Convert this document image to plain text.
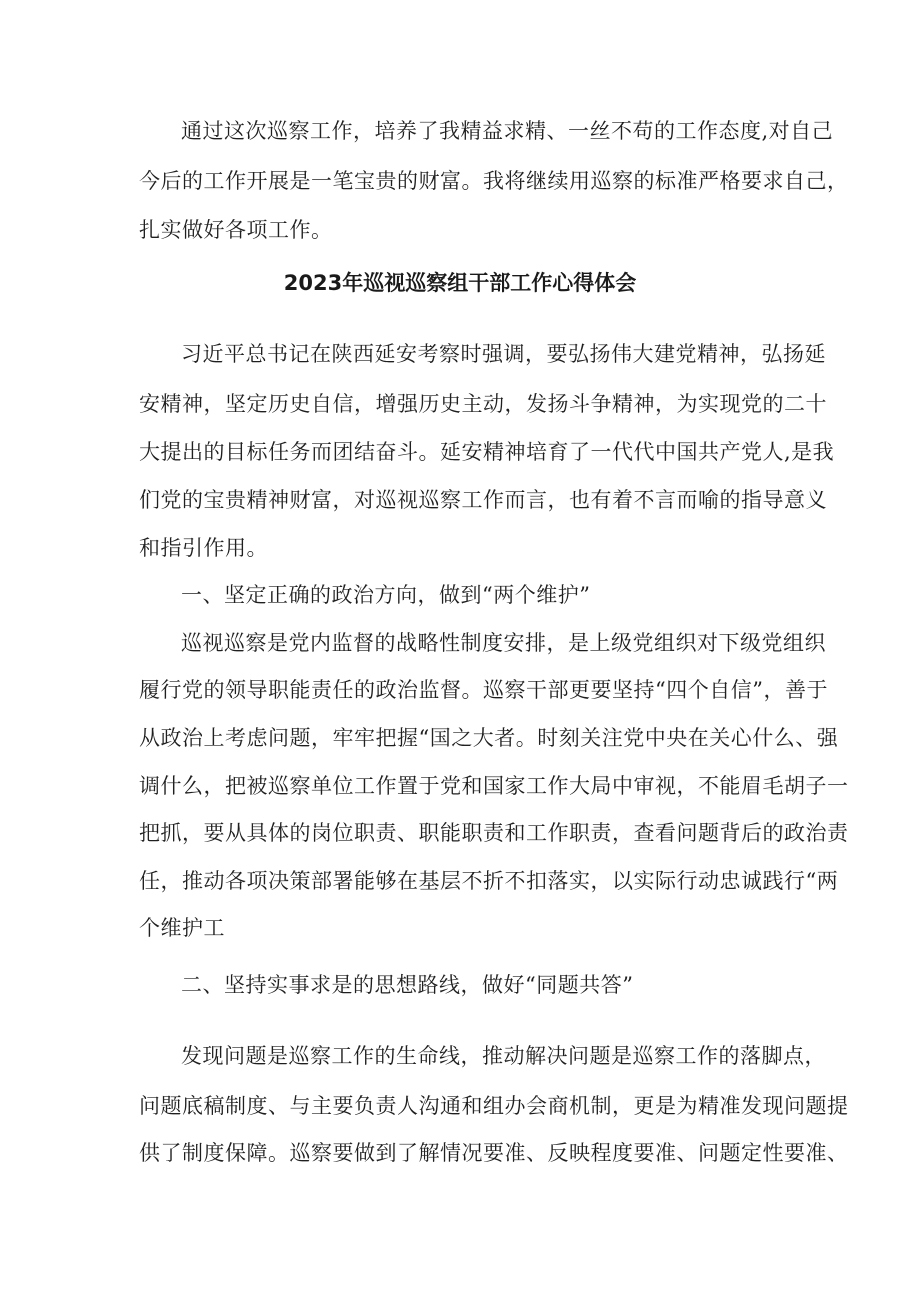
通过这次巡察工作，培养了我精益求精、一丝不苟的工作态度,对自己
今后的工作开展是一笔宝贵的财富。我将继续用巡察的标准严格要求自己，
扎实做好各项工作。
2023年巡视巡察组干部工作心得体会
习近平总书记在陕西延安考察时强调，要弘扬伟大建党精神，弘扬延
安精神，坚定历史自信，增强历史主动，发扬斗争精神，为实现党的二十
大提出的目标任务而团结奋斗。延安精神培育了一代代中国共产党人,是我
们党的宝贵精神财富，对巡视巡察工作而言，也有着不言而喻的指导意义
和指引作用。
一、坚定正确的政治方向，做到“两个维护”
巡视巡察是党内监督的战略性制度安排，是上级党组织对下级党组织
履行党的领导职能责任的政治监督。巡察干部更要坚持“四个自信”，善于
从政治上考虑问题，牢牢把握“国之大者。时刻关注党中央在关心什么、强
调什么，把被巡察单位工作置于党和国家工作大局中审视，不能眉毛胡子一
把抓，要从具体的岗位职责、职能职责和工作职责，查看问题背后的政治责
任，推动各项决策部署能够在基层不折不扣落实，以实际行动忠诚践行“两
个维护工
二、坚持实事求是的思想路线，做好“同题共答”
发现问题是巡察工作的生命线，推动解决问题是巡察工作的落脚点，
问题底稿制度、与主要负责人沟通和组办会商机制，更是为精准发现问题提
供了制度保障。巡察要做到了解情况要准、反映程度要准、问题定性要准、
